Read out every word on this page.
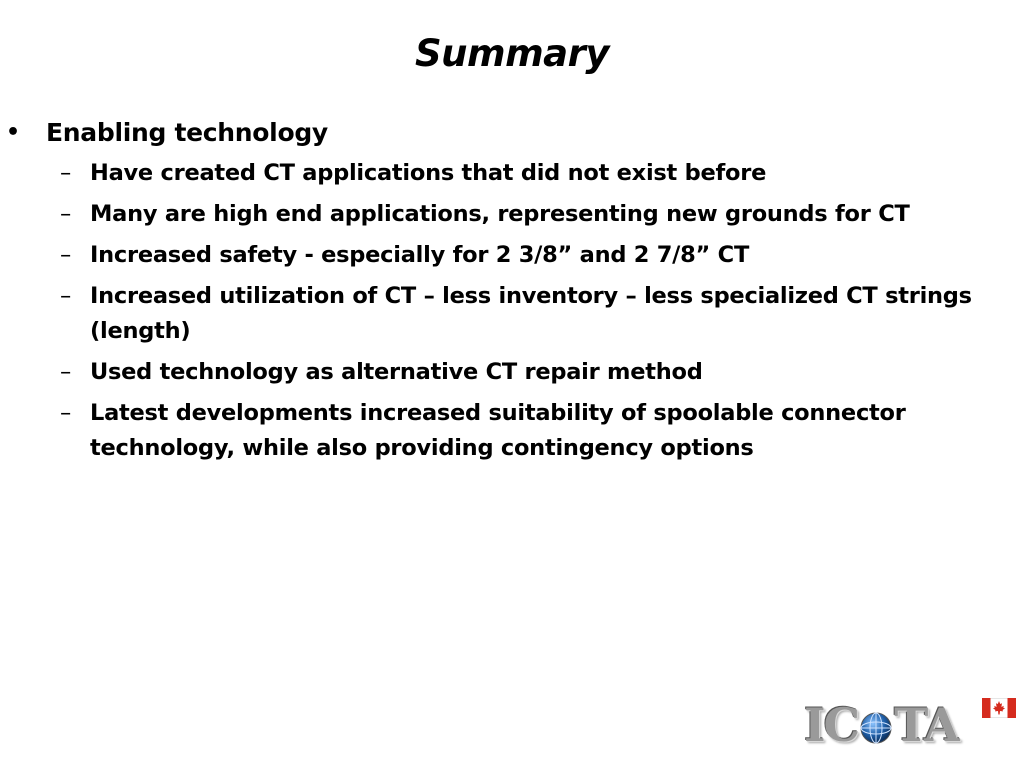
Summary
• Enabling technology
– Have created CT applications that did not exist before
– Many are high end applications, representing new grounds for CT
– Increased safety - especially for 2 3/8” and 2 7/8” CT
– Increased utilization of CT – less inventory – less specialized CT strings (length)
– Used technology as alternative CT repair method
– Latest developments increased suitability of spoolable connector technology, while also providing contingency options
IC TA
